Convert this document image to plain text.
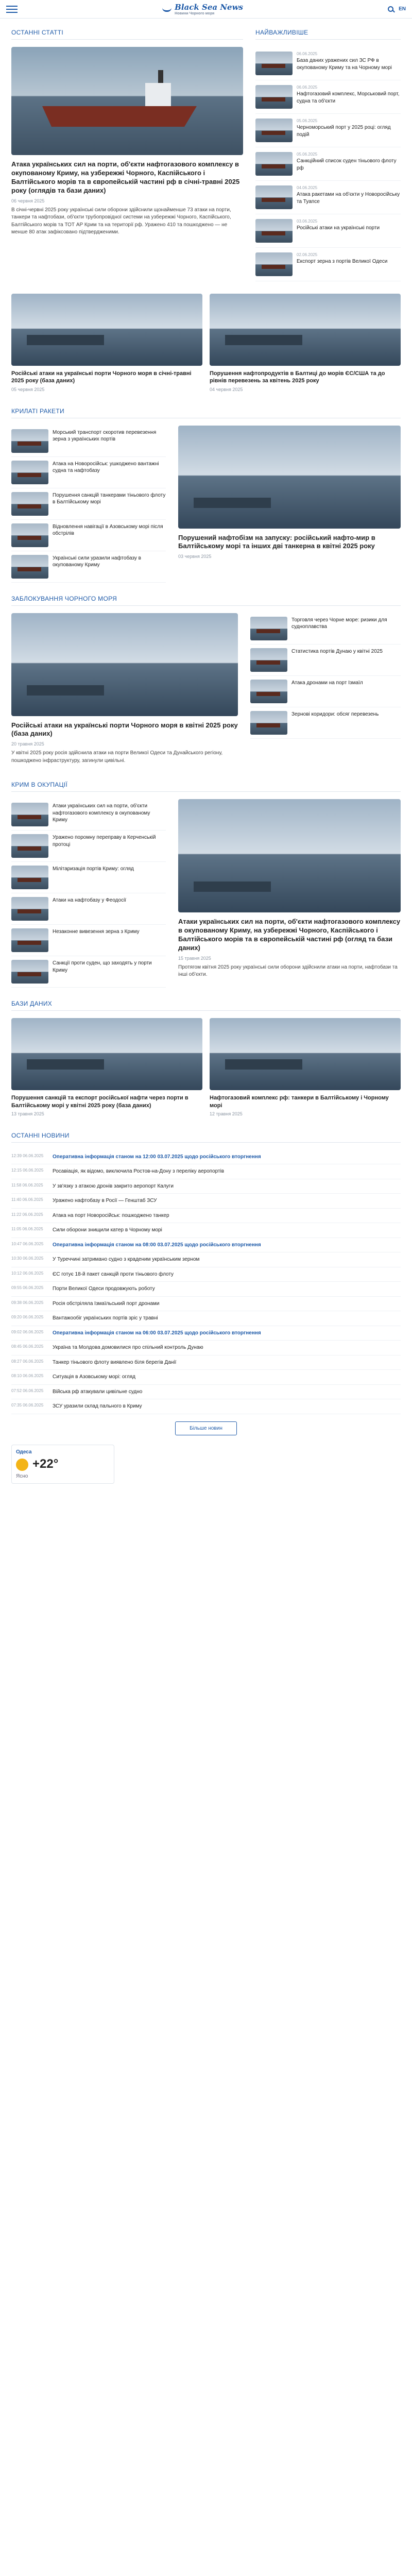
Black Sea News
Новини Чорного моря
EN
ОСТАННІ СТАТТІ
Атака українських сил на порти, об'єкти нафтогазового комплексу в окупованому Криму, на узбережжі Чорного, Каспійського і Балтійського морів та в європейській частині рф в січні-травні 2025 року (оглядів та бази даних)
06 червня 2025
В січні-червні 2025 року українські сили оборони здійснили щонайменше 73 атаки на порти, танкери та нафтобази, об'єкти трубопровідної системи на узбережжі Чорного, Каспійського, Балтійського морів та ТОТ АР Крим та на території рф. Уражено 410 та пошкоджено — не менше 80 атак зафіксовано підтвердженими.
НАЙВАЖЛИВІШЕ
06.06.2025
База даних уражених сил ЗС РФ в окупованому Криму та на Чорному морі
06.06.2025
Нафтогазовий комплекс, Морськовий порт, судна та об'єкти
05.06.2025
Черноморський порт у 2025 році: огляд подій
05.06.2025
Санкційний список суден тіньового флоту рф
04.06.2025
Атака ракетами на об'єкти у Новоросійську та Туапсе
03.06.2025
Російські атаки на українські порти
02.06.2025
Експорт зерна з портів Великої Одеси
Російські атаки на українські порти Чорного моря в січні-травні 2025 року (база даних)
05 червня 2025
Порушення нафтопродуктів в Балтиці до морів ЄС/США та до рівнів перевезень за квітень 2025 року
04 червня 2025
КРИЛАТІ РАКЕТИ
Морський транспорт скоротив перевезення зерна з українських портів
Атака на Новоросійськ: ушкоджено вантажні судна та нафтобазу
Порушення санкцій танкерами тіньового флоту в Балтійському морі
Відновлення навігації в Азовському морі після обстрілів
Українські сили уразили нафтобазу в окупованому Криму
Порушений нафтобізм на запуску: російський нафто-мир в Балтійському морі та інших дві танкерна в квітні 2025 року
03 червня 2025
ЗАБЛОКУВАННЯ ЧОРНОГО МОРЯ
Російські атаки на українські порти Чорного моря в квітні 2025 року (база даних)
20 травня 2025
У квітні 2025 року росія здійснила атаки на порти Великої Одеси та Дунайського регіону, пошкоджено інфраструктуру, загинули цивільні.
Торговля через Чорне море: ризики для судноплавства
Статистика портів Дунаю у квітні 2025
Атака дронами на порт Ізмаїл
Зернові коридори: обсяг перевезень
КРИМ В ОКУПАЦІЇ
Атаки українських сил на порти, об'єкти нафтогазового комплексу в окупованому Криму
Уражено поромну переправу в Керченській протоці
Мілітаризація портів Криму: огляд
Атаки на нафтобазу у Феодосії
Незаконне вивезення зерна з Криму
Санкції проти суден, що заходять у порти Криму
Атаки українських сил на порти, об'єкти нафтогазового комплексу в окупованому Криму, на узбережжі Чорного, Каспійського і Балтійського морів та в європейській частині рф (огляд та бази даних)
15 травня 2025
Протягом квітня 2025 року українські сили оборони здійснили атаки на порти, нафтобази та інші об'єкти.
БАЗИ ДАНИХ
Порушення санкцій та експорт російської нафти через порти в Балтійському морі у квітні 2025 року (база даних)
13 травня 2025
Нафтогазовий комплекс рф: танкери в Балтійському і Чорному морі
12 травня 2025
ОСТАННІ НОВИНИ
12:39 06.06.2025	Оперативна інформація станом на 12:00 03.07.2025 щодо російського вторгнення
12:15 06.06.2025	Росавіація, як відомо, виключила Ростов-на-Дону з переліку аеропортів
11:58 06.06.2025	У зв'язку з атакою дронів закрито аеропорт Калуги
11:40 06.06.2025	Уражено нафтобазу в Росії — Генштаб ЗСУ
11:22 06.06.2025	Атака на порт Новоросійськ: пошкоджено танкер
11:05 06.06.2025	Сили оборони знищили катер в Чорному морі
10:47 06.06.2025	Оперативна інформація станом на 08:00 03.07.2025 щодо російського вторгнення
10:30 06.06.2025	У Туреччині затримано судно з краденим українським зерном
10:12 06.06.2025	ЄС готує 18-й пакет санкцій проти тіньового флоту
09:55 06.06.2025	Порти Великої Одеси продовжують роботу
09:38 06.06.2025	Росія обстріляла Ізмаїльський порт дронами
09:20 06.06.2025	Вантажообіг українських портів зріс у травні
09:02 06.06.2025	Оперативна інформація станом на 06:00 03.07.2025 щодо російського вторгнення
08:45 06.06.2025	Україна та Молдова домовилися про спільний контроль Дунаю
08:27 06.06.2025	Танкер тіньового флоту виявлено біля берегів Данії
08:10 06.06.2025	Ситуація в Азовському морі: огляд
07:52 06.06.2025	Війська рф атакували цивільне судно
07:35 06.06.2025	ЗСУ уразили склад пального в Криму
Більше новин
Одеса
+22°
Ясно
